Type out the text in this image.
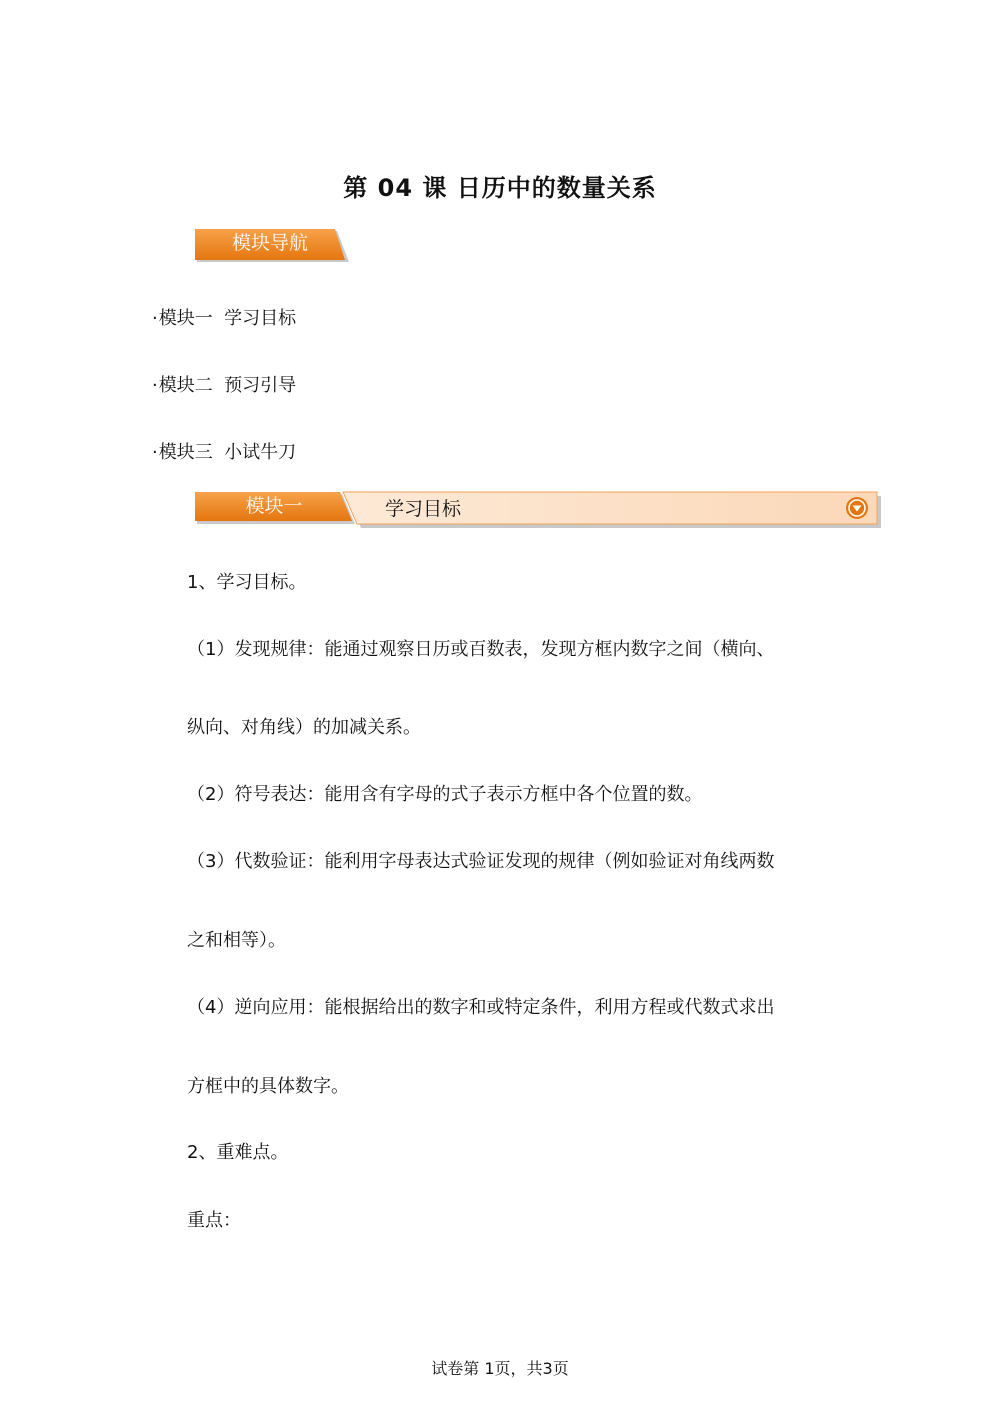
第 04 课 日历中的数量关系
模块导航
·模块一  学习目标
·模块二  预习引导
·模块三  小试牛刀
模块一	学习目标
1、学习目标。
（1）发现规律：能通过观察日历或百数表，发现方框内数字之间（横向、
纵向、对角线）的加减关系。
（2）符号表达：能用含有字母的式子表示方框中各个位置的数。
（3）代数验证：能利用字母表达式验证发现的规律（例如验证对角线两数
之和相等）。
（4）逆向应用：能根据给出的数字和或特定条件，利用方程或代数式求出
方框中的具体数字。
2、重难点。
重点：
试卷第 1页，共3页
